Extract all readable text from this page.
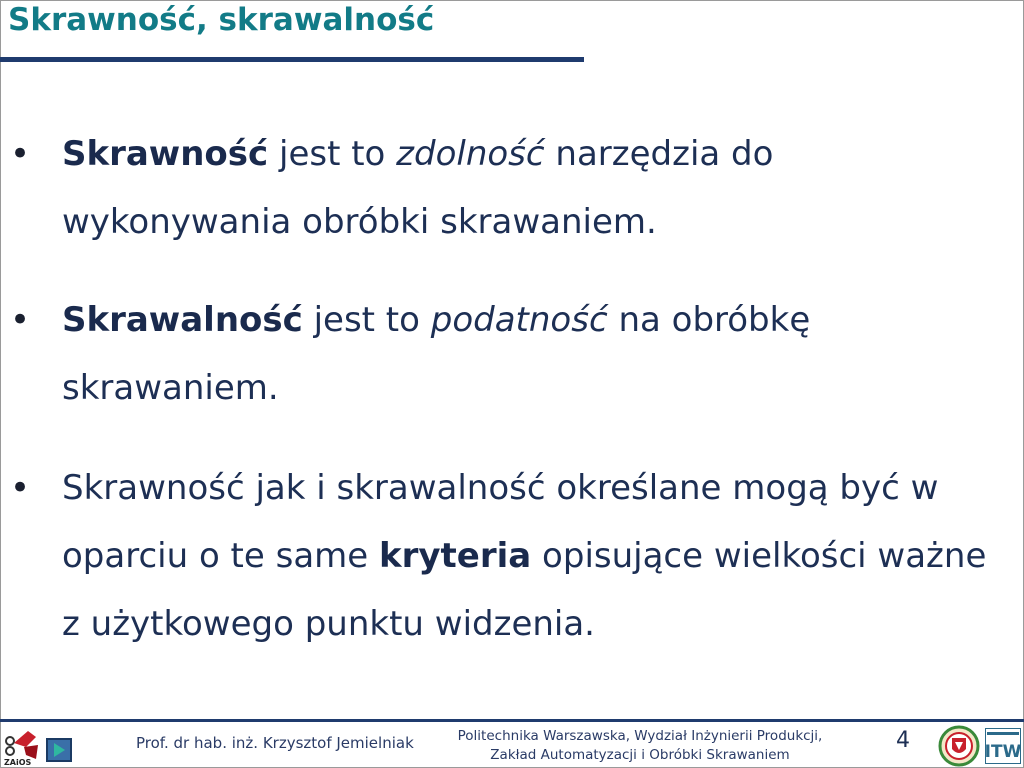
Skrawność, skrawalność
• Skrawność jest to zdolność narzędzia do wykonywania obróbki skrawaniem.
• Skrawalność jest to podatność na obróbkę skrawaniem.
• Skrawność jak i skrawalność określane mogą być w oparciu o te same kryteria opisujące wielkości ważne z użytkowego punktu widzenia.
ZAiOS
Prof. dr hab. inż. Krzysztof Jemielniak	Politechnika Warszawska, Wydział Inżynierii Produkcji,
Zakład Automatyzacji i Obróbki Skrawaniem
4	ITW
